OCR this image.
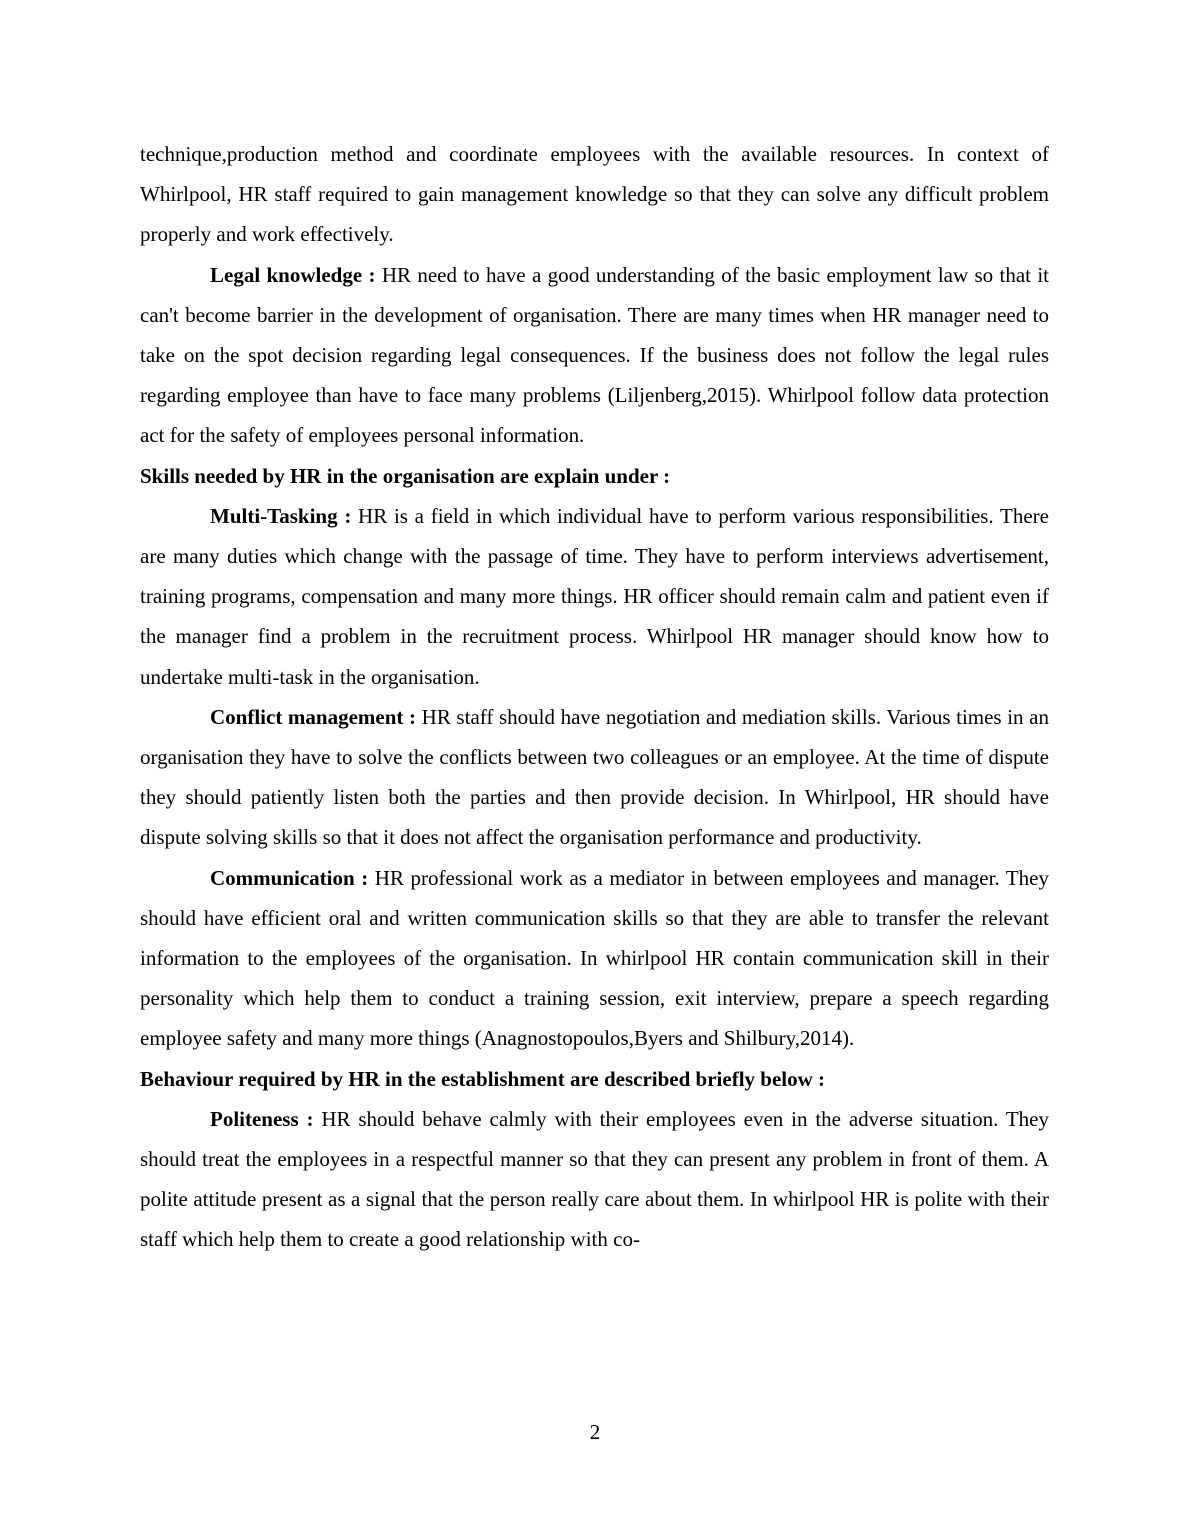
technique,production method and coordinate employees with the available resources. In context of Whirlpool, HR staff required to gain management knowledge so that they can solve any difficult problem properly and work effectively.

Legal knowledge : HR need to have a good understanding of the basic employment law so that it can't become barrier in the development of organisation. There are many times when HR manager need to take on the spot decision regarding legal consequences. If the business does not follow the legal rules regarding employee than have to face many problems (Liljenberg,2015). Whirlpool follow data protection act for the safety of employees personal information.

Skills needed by HR in the organisation are explain under :

Multi-Tasking : HR is a field in which individual have to perform various responsibilities. There are many duties which change with the passage of time. They have to perform interviews advertisement, training programs, compensation and many more things. HR officer should remain calm and patient even if the manager find a problem in the recruitment process. Whirlpool HR manager should know how to undertake multi-task in the organisation.

Conflict management : HR staff should have negotiation and mediation skills. Various times in an organisation they have to solve the conflicts between two colleagues or an employee. At the time of dispute they should patiently listen both the parties and then provide decision. In Whirlpool, HR should have dispute solving skills so that it does not affect the organisation performance and productivity.

Communication : HR professional work as a mediator in between employees and manager. They should have efficient oral and written communication skills so that they are able to transfer the relevant information to the employees of the organisation. In whirlpool HR contain communication skill in their personality which help them to conduct a training session, exit interview, prepare a speech regarding employee safety and many more things (Anagnostopoulos,Byers and Shilbury,2014).

Behaviour required by HR in the establishment are described briefly below :

Politeness : HR should behave calmly with their employees even in the adverse situation. They should treat the employees in a respectful manner so that they can present any problem in front of them. A polite attitude present as a signal that the person really care about them. In whirlpool HR is polite with their staff which help them to create a good relationship with co-

2
